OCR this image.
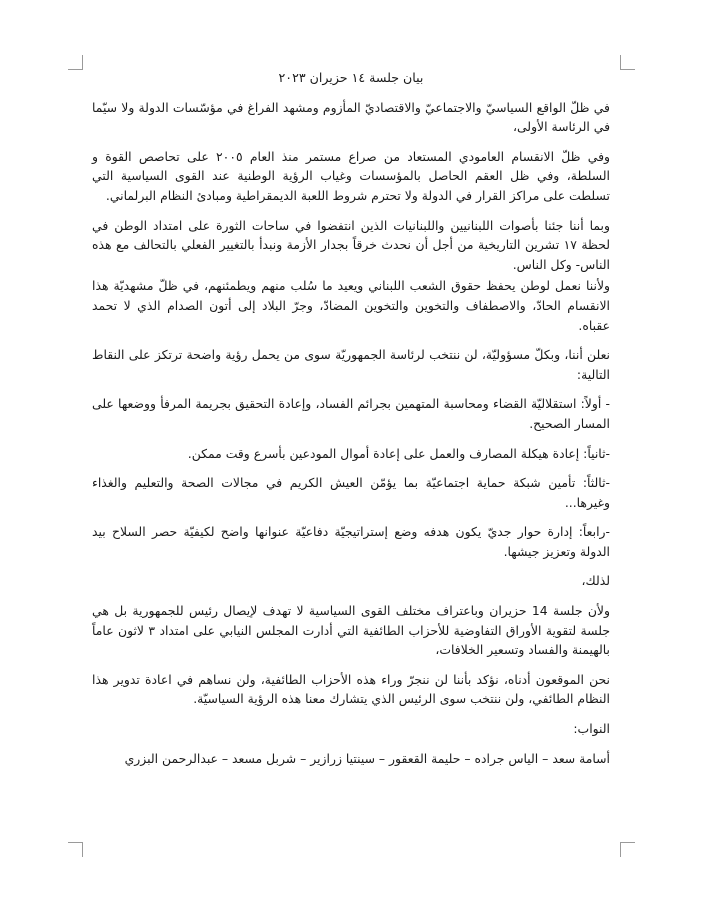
بيان جلسة ١٤ حزيران ٢٠٢٣

في ظلّ الواقع السياسيّ والاجتماعيّ والاقتصاديّ المأزوم ومشهد الفراغ في مؤسّسات الدولة ولا سيّما في الرئاسة الأولى،

وفي ظلّ الانقسام العامودي المستعاد من صراع مستمر منذ العام ٢٠٠٥ على تحاصص القوة و السلطة، وفي ظل العقم الحاصل بالمؤسسات وغياب الرؤية الوطنية عند القوى السياسية التي تسلطت على مراكز القرار في الدولة ولا تحترم شروط اللعبة الديمقراطية ومبادئ النظام البرلماني.

وبما أننا جئنا بأصوات اللبنانيين واللبنانيات الذين انتفضوا في ساحات الثورة على امتداد الوطن في لحظة ١٧ تشرين التاريخية من أجل أن نحدث خرقاً بجدار الأزمة ونبدأ بالتغيير الفعلي بالتحالف مع هذه الناس- وكل الناس.

ولأننا نعمل لوطن يحفظ حقوق الشعب اللبناني ويعيد ما سُلب منهم ويطمئنهم، في ظلّ مشهديّة هذا الانقسام الحادّ، والاصطفاف والتخوين والتخوين المضادّ، وجرّ البلاد إلى أتون الصدام الذي لا تحمد عقباه.

نعلن أننا، وبكلّ مسؤوليّة، لن ننتخب لرئاسة الجمهوريّة سوى من يحمل رؤية واضحة ترتكز على النقاط التالية:

- أولاً: استقلاليّة القضاء ومحاسبة المتهمين بجرائم الفساد، وإعادة التحقيق بجريمة المرفأ ووضعها على المسار الصحيح.

-ثانياً: إعادة هيكلة المصارف والعمل على إعادة أموال المودعين بأسرع وقت ممكن.

-ثالثاً: تأمين شبكة حماية اجتماعيّة بما يؤمّن العيش الكريم في مجالات الصحة والتعليم والغذاء وغيرها...

-رابعاً: إدارة حوار جديّ يكون هدفه وضع إستراتيجيّة دفاعيّة عنوانها واضح لكيفيّة حصر السلاح بيد الدولة وتعزيز جيشها.

لذلك،

ولأن جلسة 14 حزيران وباعتراف مختلف القوى السياسية لا تهدف لإيصال رئيس للجمهورية بل هي جلسة لتقوية الأوراق التفاوضية للأحزاب الطائفية التي أدارت المجلس النيابي على امتداد ٣ لاثون عاماً بالهيمنة والفساد وتسعير الخلافات،

نحن الموقعون أدناه، نؤكد بأننا لن ننجرّ وراء هذه الأحزاب الطائفية، ولن نساهم في اعادة تدوير هذا النظام الطائفي، ولن ننتخب سوى الرئيس الذي يتشارك معنا هذه الرؤية السياسيّة.

النواب:

أسامة سعد – الياس جراده – حليمة القعقور – سينتيا زرازير – شربل مسعد – عبدالرحمن البزري
